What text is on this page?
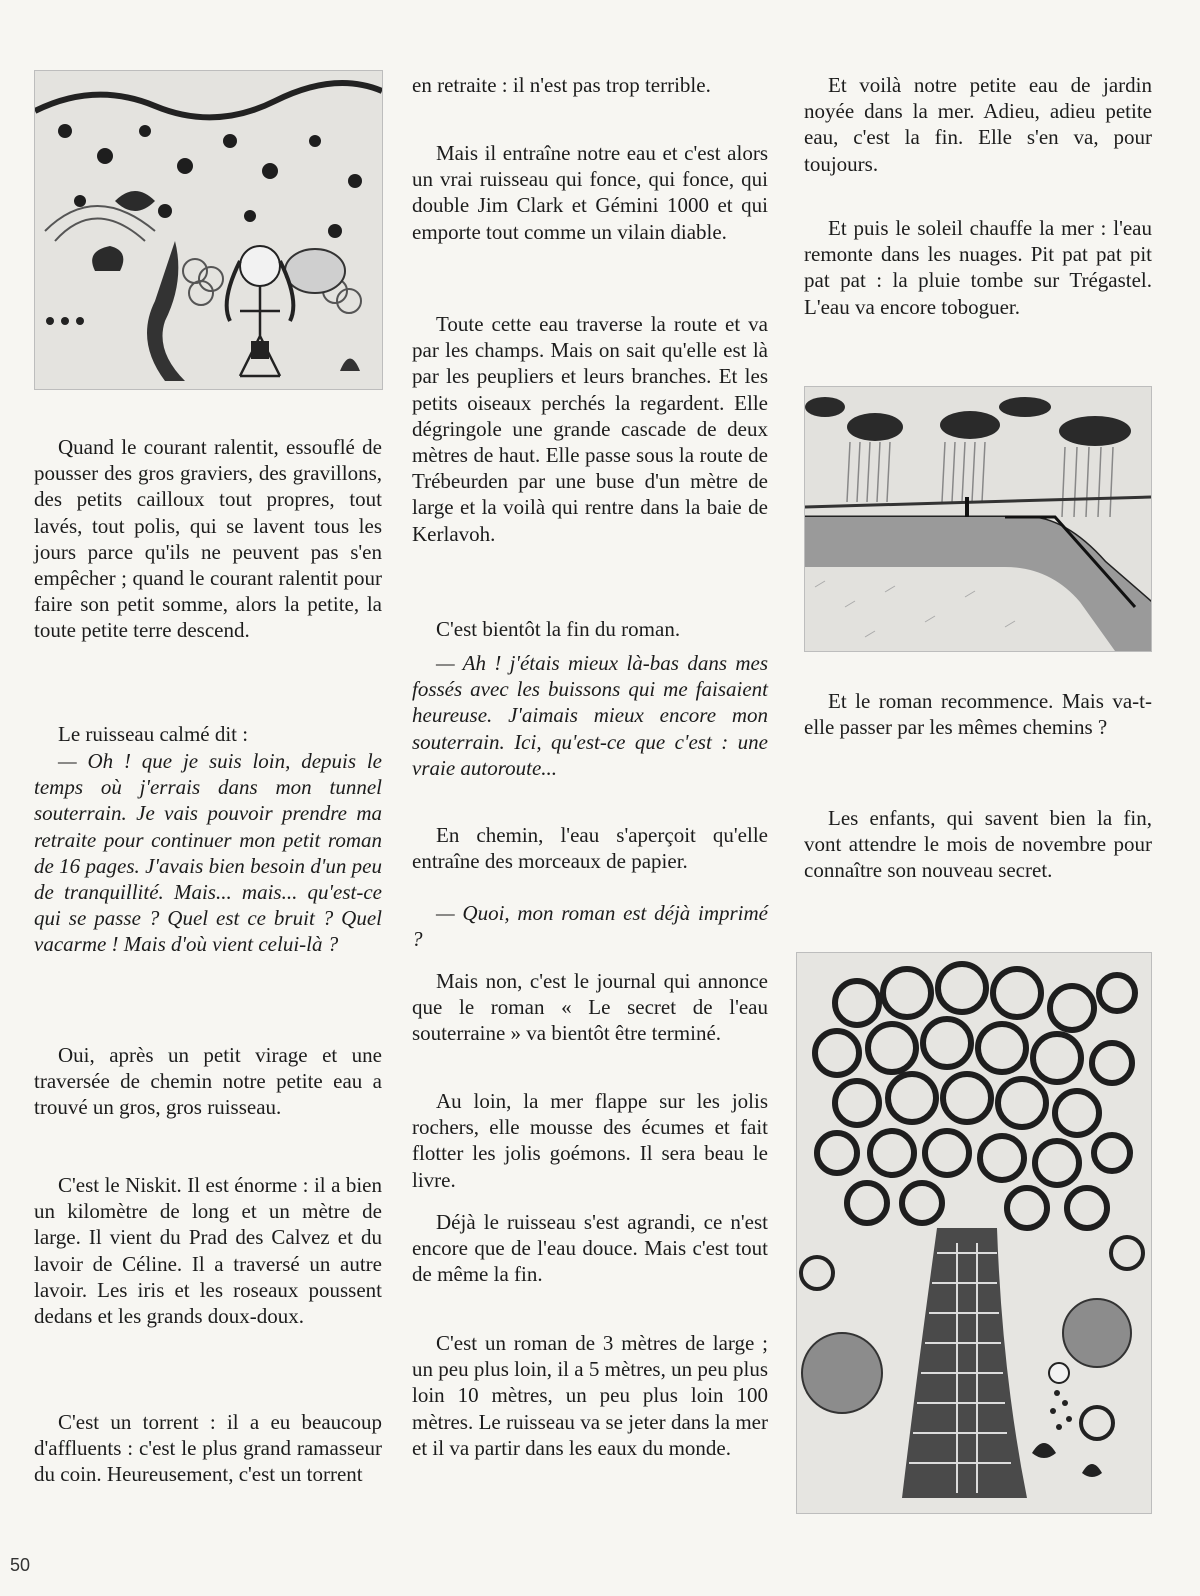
Quand le courant ralentit, essouflé de pousser des gros graviers, des gravillons, des petits cailloux tout propres, tout lavés, tout polis, qui se lavent tous les jours parce qu'ils ne peuvent pas s'en empêcher ; quand le courant ralentit pour faire son petit somme, alors la petite, la toute petite terre descend.

Le ruisseau calmé dit :

— Oh ! que je suis loin, depuis le temps où j'errais dans mon tunnel souterrain. Je vais pouvoir prendre ma retraite pour continuer mon petit roman de 16 pages. J'avais bien besoin d'un peu de tranquillité. Mais... mais... qu'est-ce qui se passe ? Quel est ce bruit ? Quel vacarme ! Mais d'où vient celui-là ?

Oui, après un petit virage et une traversée de chemin notre petite eau a trouvé un gros, gros ruisseau.

C'est le Niskit. Il est énorme : il a bien un kilomètre de long et un mètre de large. Il vient du Prad des Calvez et du lavoir de Céline. Il a traversé un autre lavoir. Les iris et les roseaux poussent dedans et les grands doux-doux.

C'est un torrent : il a eu beaucoup d'affluents : c'est le plus grand ramasseur du coin. Heureusement, c'est un torrent

en retraite : il n'est pas trop terrible.

Mais il entraîne notre eau et c'est alors un vrai ruisseau qui fonce, qui fonce, qui double Jim Clark et Gémini 1000 et qui emporte tout comme un vilain diable.

Toute cette eau traverse la route et va par les champs. Mais on sait qu'elle est là par les peupliers et leurs branches. Et les petits oiseaux perchés la regardent. Elle dégringole une grande cascade de deux mètres de haut. Elle passe sous la route de Trébeurden par une buse d'un mètre de large et la voilà qui rentre dans la baie de Kerlavoh.

C'est bientôt la fin du roman.

— Ah ! j'étais mieux là-bas dans mes fossés avec les buissons qui me faisaient heureuse. J'aimais mieux encore mon souterrain. Ici, qu'est-ce que c'est : une vraie autoroute...

En chemin, l'eau s'aperçoit qu'elle entraîne des morceaux de papier.

— Quoi, mon roman est déjà imprimé ?

Mais non, c'est le journal qui annonce que le roman « Le secret de l'eau souterraine » va bientôt être terminé.

Au loin, la mer flappe sur les jolis rochers, elle mousse des écumes et fait flotter les jolis goémons. Il sera beau le livre.

Déjà le ruisseau s'est agrandi, ce n'est encore que de l'eau douce. Mais c'est tout de même la fin.

C'est un roman de 3 mètres de large ; un peu plus loin, il a 5 mètres, un peu plus loin 10 mètres, un peu plus loin 100 mètres. Le ruisseau va se jeter dans la mer et il va partir dans les eaux du monde.

Et voilà notre petite eau de jardin noyée dans la mer. Adieu, adieu petite eau, c'est la fin. Elle s'en va, pour toujours.

Et puis le soleil chauffe la mer : l'eau remonte dans les nuages. Pit pat pat pit pat pat : la pluie tombe sur Trégastel. L'eau va encore toboguer.

Et le roman recommence. Mais va-t-elle passer par les mêmes chemins ?

Les enfants, qui savent bien la fin, vont attendre le mois de novembre pour connaître son nouveau secret.

50
